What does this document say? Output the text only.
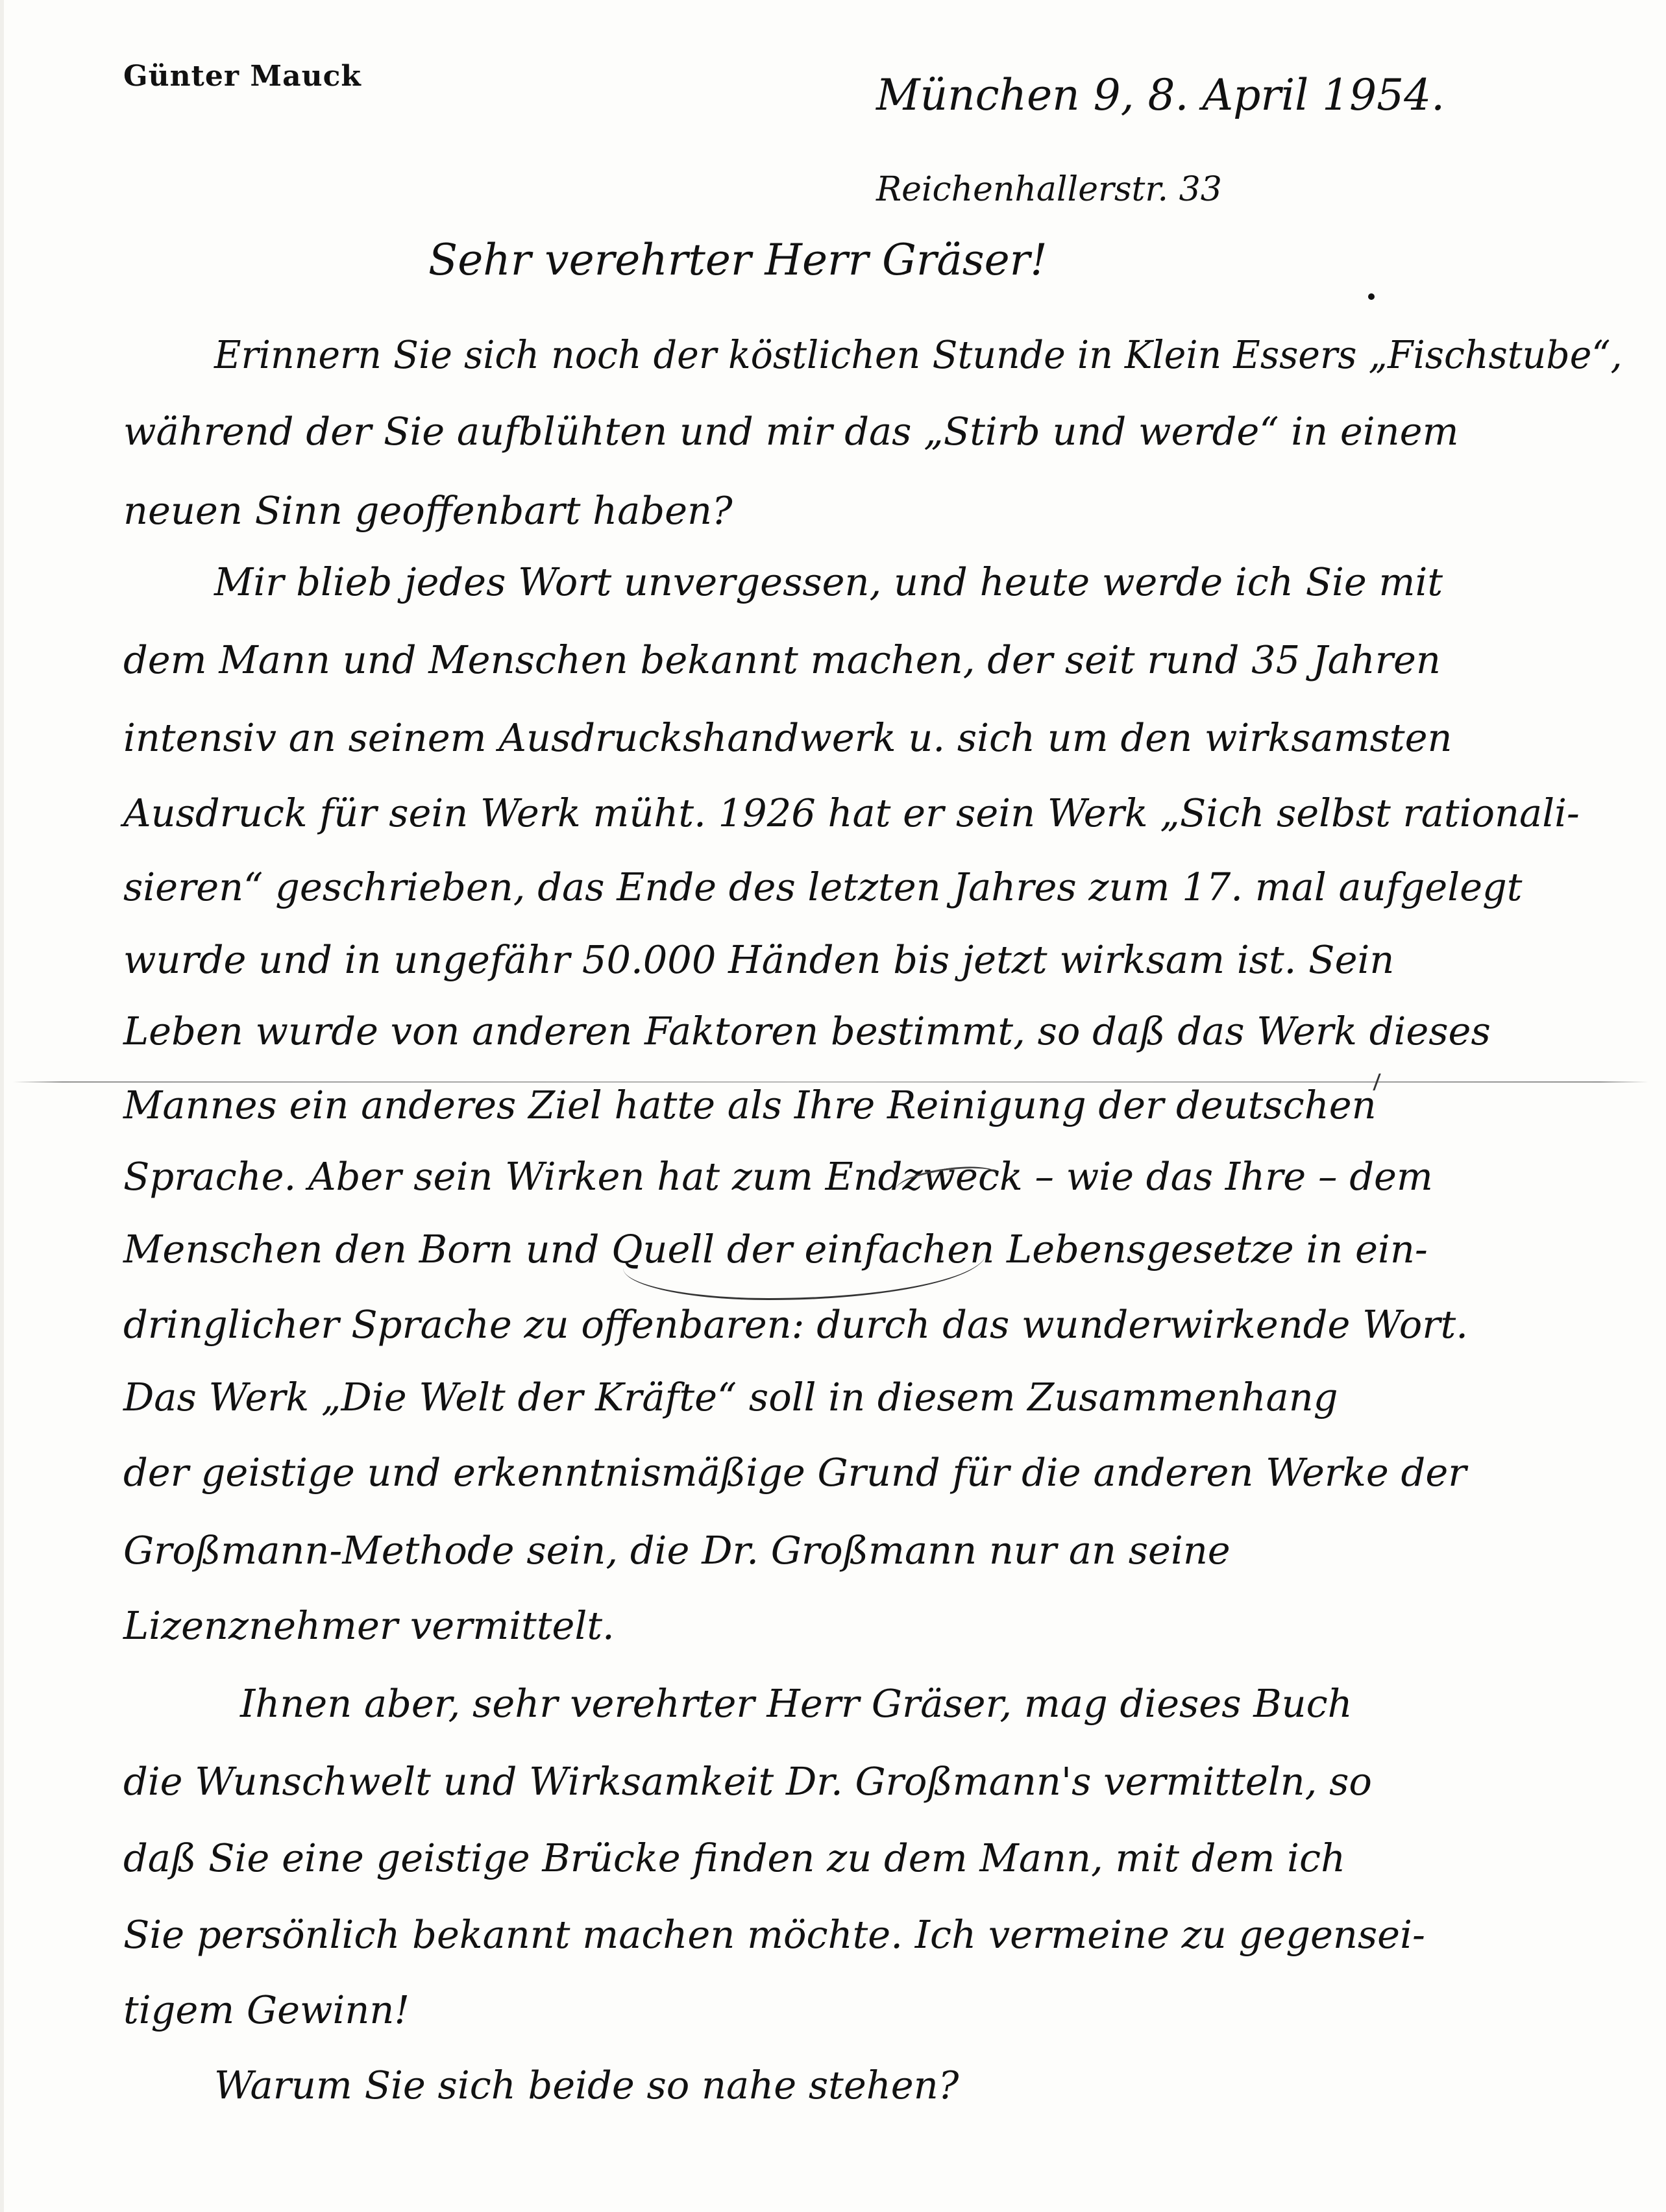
Günter Mauck	München 9, 8. April 1954.

Reichenhallerstr. 33

Sehr verehrter Herr Gräser!

Erinnern Sie sich noch der köstlichen Stunde in Klein Essers „Fischstube“,

während der Sie aufblühten und mir das „Stirb und werde“ in einem

neuen Sinn geoffenbart haben?

Mir blieb jedes Wort unvergessen, und heute werde ich Sie mit

dem Mann und Menschen bekannt machen, der seit rund 35 Jahren

intensiv an seinem Ausdruckshandwerk u. sich um den wirksamsten

Ausdruck für sein Werk müht. 1926 hat er sein Werk „Sich selbst rationali-

sieren“ geschrieben, das Ende des letzten Jahres zum 17. mal aufgelegt

wurde und in ungefähr 50.000 Händen bis jetzt wirksam ist. Sein

Leben wurde von anderen Faktoren bestimmt, so daß das Werk dieses

Mannes ein anderes Ziel hatte als Ihre Reinigung der deutschen

Sprache. Aber sein Wirken hat zum Endzweck – wie das Ihre – dem

Menschen den Born und Quell der einfachen Lebensgesetze in ein-

dringlicher Sprache zu offenbaren: durch das wunderwirkende Wort.

Das Werk „Die Welt der Kräfte“ soll in diesem Zusammenhang

der geistige und erkenntnismäßige Grund für die anderen Werke der

Großmann-Methode sein, die Dr. Großmann nur an seine

Lizenznehmer vermittelt.

Ihnen aber, sehr verehrter Herr Gräser, mag dieses Buch

die Wunschwelt und Wirksamkeit Dr. Großmann's vermitteln, so

daß Sie eine geistige Brücke finden zu dem Mann, mit dem ich

Sie persönlich bekannt machen möchte. Ich vermeine zu gegensei-

tigem Gewinn!

Warum Sie sich beide so nahe stehen?
